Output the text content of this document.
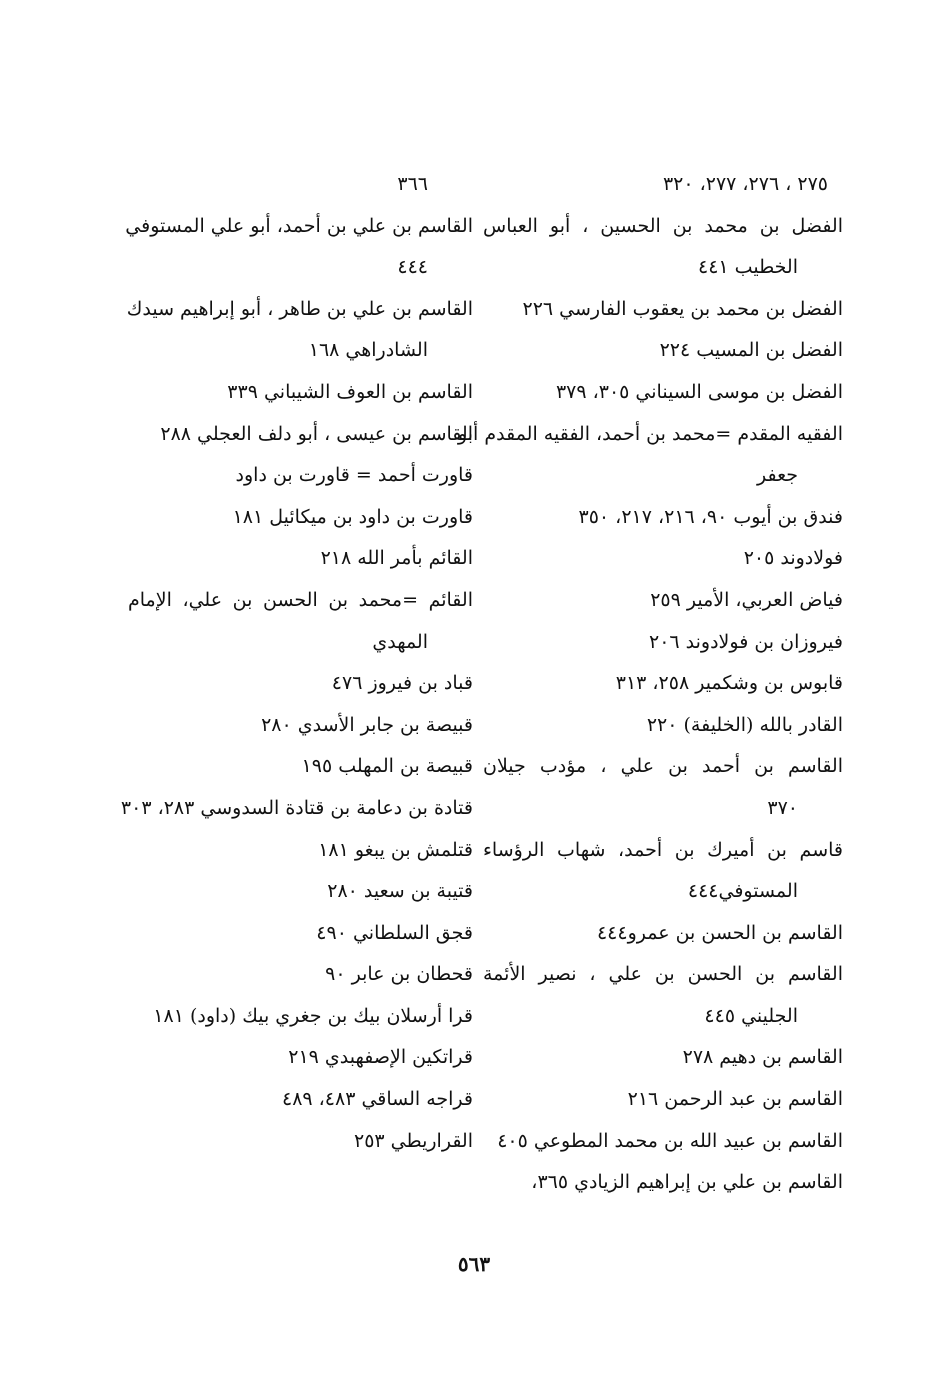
٢٧٥ ، ٢٧٦، ٢٧٧، ٣٢٠
الفضل بن محمد بن الحسين ، أبو العباس
الخطيب ٤٤١
الفضل بن محمد بن يعقوب الفارسي ٢٢٦
الفضل بن المسيب ٢٢٤
الفضل بن موسى السيناني ٣٠٥، ٣٧٩
الفقيه المقدم =محمد بن أحمد، الفقيه المقدم أبو
جعفر
فندق بن أيوب ٩٠، ٢١٦، ٢١٧، ٣٥٠
فولادوند ٢٠٥
فياض العربي، الأمير ٢٥٩
فيروزان بن فولادوند ٢٠٦
قابوس بن وشكمير ٢٥٨، ٣١٣
القادر بالله (الخليفة) ٢٢٠
القاسم بن أحمد بن علي ، مؤدب جيلان
٣٧٠
قاسم بن أميرك بن أحمد، شهاب الرؤساء
المستوفي٤٤٤
القاسم بن الحسن بن عمرو٤٤٤
القاسم بن الحسن بن علي ، نصير الأئمة
الجليني ٤٤٥
القاسم بن دهيم ٢٧٨
القاسم بن عبد الرحمن ٢١٦
القاسم بن عبيد الله بن محمد المطوعي ٤٠٥
القاسم بن علي بن إبراهيم الزيادي ٣٦٥،
٣٦٦
القاسم بن علي بن أحمد، أبو علي المستوفي
٤٤٤
القاسم بن علي بن طاهر ، أبو إبراهيم سيدك
الشادراهي ١٦٨
القاسم بن العوف الشيباني ٣٣٩
القاسم بن عيسى ، أبو دلف العجلي ٢٨٨
قاورت أحمد = قاورت بن داود
قاورت بن داود بن ميكائيل ١٨١
القائم بأمر الله ٢١٨
القائم =محمد بن الحسن بن علي، الإمام
المهدي
قباد بن فيروز ٤٧٦
قبيصة بن جابر الأسدي ٢٨٠
قبيصة بن المهلب ١٩٥
قتادة بن دعامة بن قتادة السدوسي ٢٨٣، ٣٠٣
قتلمش بن يبغو ١٨١
قتيبة بن سعيد ٢٨٠
قجق السلطاني ٤٩٠
قحطان بن عابر ٩٠
قرا أرسلان بيك بن جغري بيك (داود) ١٨١
قراتكين الإصفهبدي ٢١٩
قراجه الساقي ٤٨٣، ٤٨٩
القراريطي ٢٥٣
٥٦٣
